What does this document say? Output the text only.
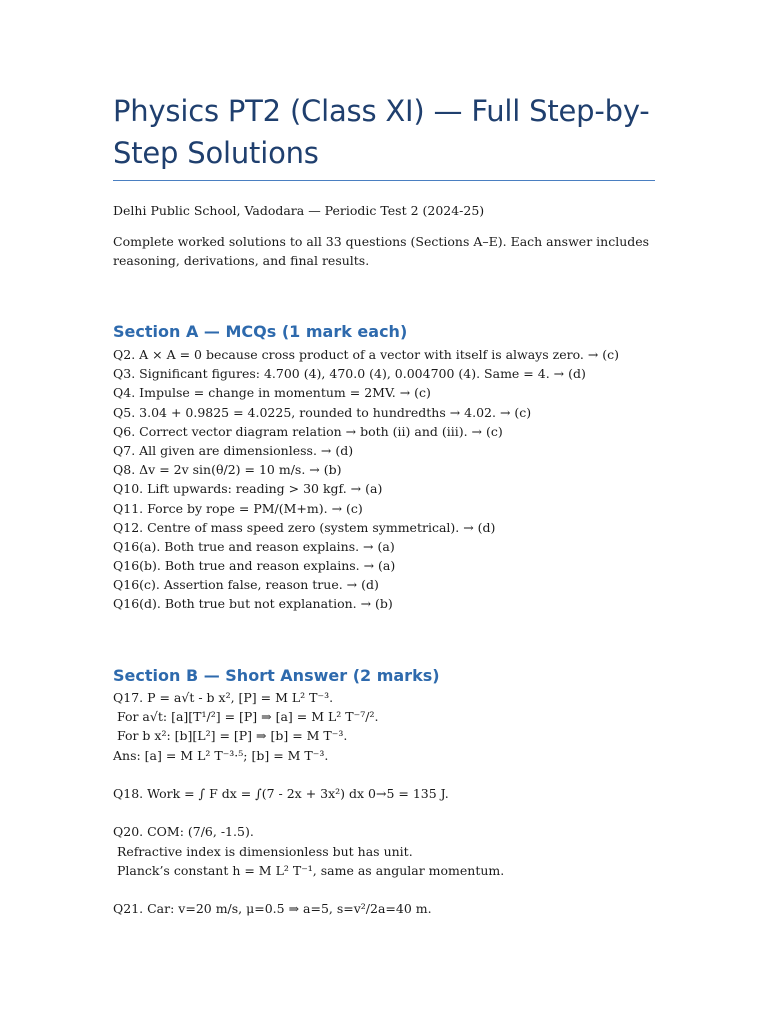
Physics PT2 (Class XI) — Full Step-by-
Step Solutions
Delhi Public School, Vadodara — Periodic Test 2 (2024-25)
Complete worked solutions to all 33 questions (Sections A–E). Each answer includes
reasoning, derivations, and final results.
Section A — MCQs (1 mark each)
Q2. A × A = 0 because cross product of a vector with itself is always zero. → (c)
Q3. Significant figures: 4.700 (4), 470.0 (4), 0.004700 (4). Same = 4. → (d)
Q4. Impulse = change in momentum = 2MV. → (c)
Q5. 3.04 + 0.9825 = 4.0225, rounded to hundredths → 4.02. → (c)
Q6. Correct vector diagram relation → both (ii) and (iii). → (c)
Q7. All given are dimensionless. → (d)
Q8. Δv = 2v sin(θ/2) = 10 m/s. → (b)
Q10. Lift upwards: reading > 30 kgf. → (a)
Q11. Force by rope = PM/(M+m). → (c)
Q12. Centre of mass speed zero (system symmetrical). → (d)
Q16(a). Both true and reason explains. → (a)
Q16(b). Both true and reason explains. → (a)
Q16(c). Assertion false, reason true. → (d)
Q16(d). Both true but not explanation. → (b)
Section B — Short Answer (2 marks)
Q17. P = a√t - b x², [P] = M L² T⁻³.
For a√t: [a][T¹/²] = [P] ⇒ [a] = M L² T⁻⁷/².
For b x²: [b][L²] = [P] ⇒ [b] = M T⁻³.
Ans: [a] = M L² T⁻³·⁵; [b] = M T⁻³.
Q18. Work = ∫ F dx = ∫(7 - 2x + 3x²) dx 0→5 = 135 J.
Q20. COM: (7/6, -1.5).
Refractive index is dimensionless but has unit.
Planck’s constant h = M L² T⁻¹, same as angular momentum.
Q21. Car: v=20 m/s, μ=0.5 ⇒ a=5, s=v²/2a=40 m.
